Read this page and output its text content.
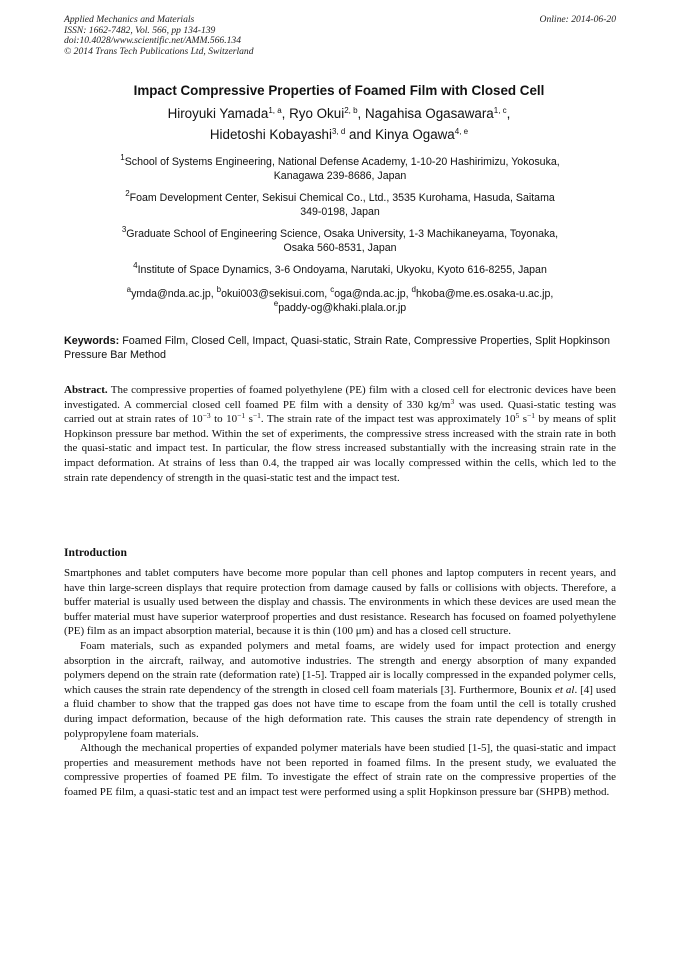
Applied Mechanics and Materials
ISSN: 1662-7482, Vol. 566, pp 134-139
doi:10.4028/www.scientific.net/AMM.566.134
© 2014 Trans Tech Publications Ltd, Switzerland
Online: 2014-06-20
Impact Compressive Properties of Foamed Film with Closed Cell
Hiroyuki Yamada$^{1, a}$, Ryo Okui$^{2, b}$, Nagahisa Ogasawara$^{1, c}$,
Hidetoshi Kobayashi$^{3, d}$ and Kinya Ogawa$^{4, e}$
$^1$School of Systems Engineering, National Defense Academy, 1-10-20 Hashirimizu, Yokosuka,
Kanagawa 239-8686, Japan
$^2$Foam Development Center, Sekisui Chemical Co., Ltd., 3535 Kurohama, Hasuda, Saitama
349-0198, Japan
$^3$Graduate School of Engineering Science, Osaka University, 1-3 Machikaneyama, Toyonaka,
Osaka 560-8531, Japan
$^4$Institute of Space Dynamics, 3-6 Ondoyama, Narutaki, Ukyoku, Kyoto 616-8255, Japan
$^a$ymda@nda.ac.jp, $^b$okui003@sekisui.com, $^c$oga@nda.ac.jp, $^d$hkoba@me.es.osaka-u.ac.jp,
$^e$paddy-og@khaki.plala.or.jp
Keywords: Foamed Film, Closed Cell, Impact, Quasi-static, Strain Rate, Compressive Properties, Split Hopkinson Pressure Bar Method
Abstract. The compressive properties of foamed polyethylene (PE) film with a closed cell for electronic devices have been investigated. A commercial closed cell foamed PE film with a density of 330 $kg/m^3$ was used. Quasi-static testing was carried out at strain rates of $10^{-3}$ to $10^{-1}$ $s^{-1}$. The strain rate of the impact test was approximately $10^5$ $s^{-1}$ by means of split Hopkinson pressure bar method. Within the set of experiments, the compressive stress increased with the strain rate in both the quasi-static and impact test. In particular, the flow stress increased substantially with the increasing strain rate in the impact deformation. At strains of less than 0.4, the trapped air was locally compressed within the cells, which led to the strain rate dependency of strength in the quasi-static test and the impact test.
Introduction

Smartphones and tablet computers have become more popular than cell phones and laptop computers in recent years, and have thin large-screen displays that require protection from damage caused by falls or collisions with objects. Therefore, a buffer material is usually used between the display and chassis. The environments in which these devices are used mean the buffer material must have superior waterproof properties and dust resistance. Research has focused on foamed polyethylene (PE) film as an impact absorption material, because it is thin (100 μm) and has a closed cell structure.

Foam materials, such as expanded polymers and metal foams, are widely used for impact protection and energy absorption in the aircraft, railway, and automotive industries. The strength and energy absorption of many expanded polymers depend on the strain rate (deformation rate) [1-5]. Trapped air is locally compressed in the expanded polymer cells, which causes the strain rate dependency of the strength in closed cell foam materials [3]. Furthermore, Bounix et al. [4] used a fluid chamber to show that the trapped gas does not have time to escape from the foam until the cell is totally crushed during impact deformation, because of the high deformation rate. This causes the strain rate dependency of strength in polypropylene foam materials.

Although the mechanical properties of expanded polymer materials have been studied [1-5], the quasi-static and impact properties and measurement methods have not been reported in foamed films. In the present study, we evaluated the compressive properties of foamed PE film. To investigate the effect of strain rate on the compressive properties of the foamed PE film, a quasi-static test and an impact test were performed using a split Hopkinson pressure bar (SHPB) method.
